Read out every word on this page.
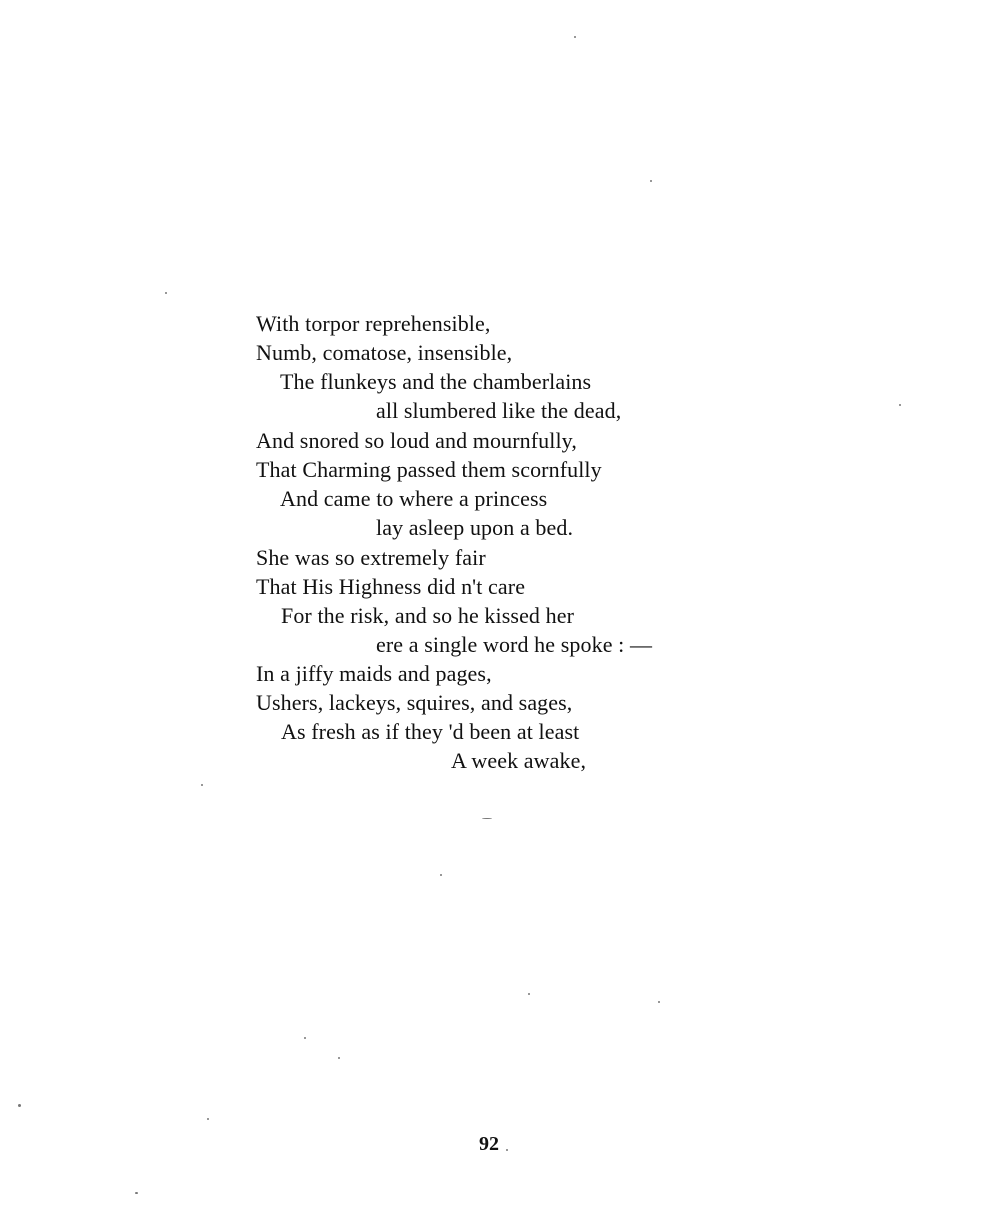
With torpor reprehensible,
Numb, comatose, insensible,
The flunkeys and the chamberlains
all slumbered like the dead,
And snored so loud and mournfully,
That Charming passed them scornfully
And came to where a princess
lay asleep upon a bed.
She was so extremely fair
That His Highness did n't care
For the risk, and so he kissed her
ere a single word he spoke : —
In a jiffy maids and pages,
Ushers, lackeys, squires, and sages,
As fresh as if they 'd been at least
A week awake,
92
